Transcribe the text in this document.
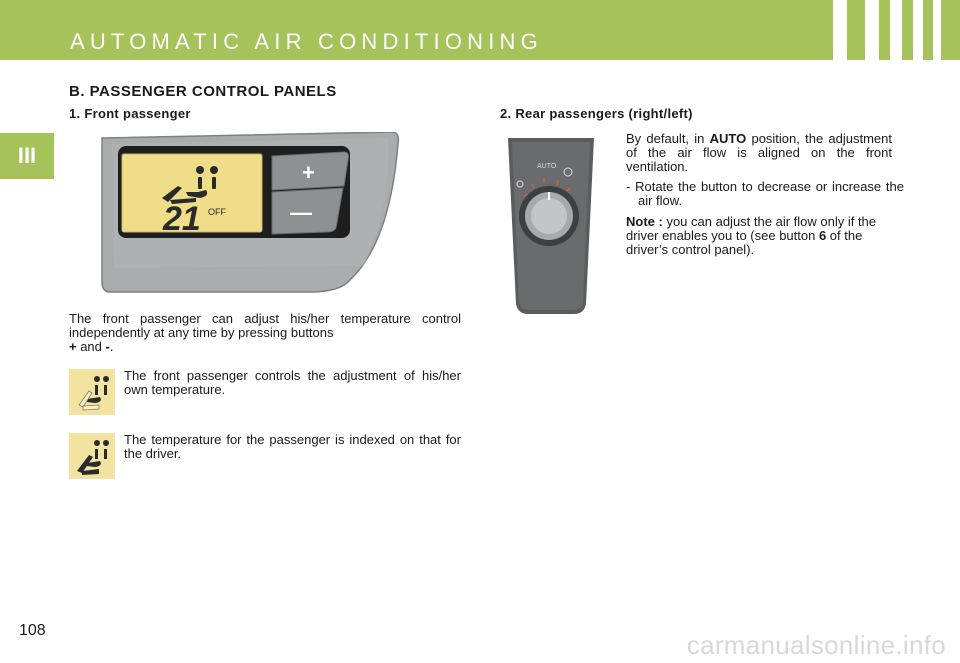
AUTOMATIC AIR CONDITIONING
III
B. PASSENGER CONTROL PANELS
1. Front passenger	2. Rear passengers (right/left)
21 OFF
+
—
AUTO
By default, in AUTO position, the adjustment of the air flow is aligned on the front ventilation.
- Rotate the button to decrease or increase the air flow.
Note : you can adjust the air flow only if the driver enables you to (see button 6 of the driver’s control panel).
The front passenger can adjust his/her temperature control independently at any time by pressing buttons
+ and -.
The front passenger controls the adjustment of his/her own temperature.
The temperature for the passenger is indexed on that for the driver.
108	carmanualsonline.info
